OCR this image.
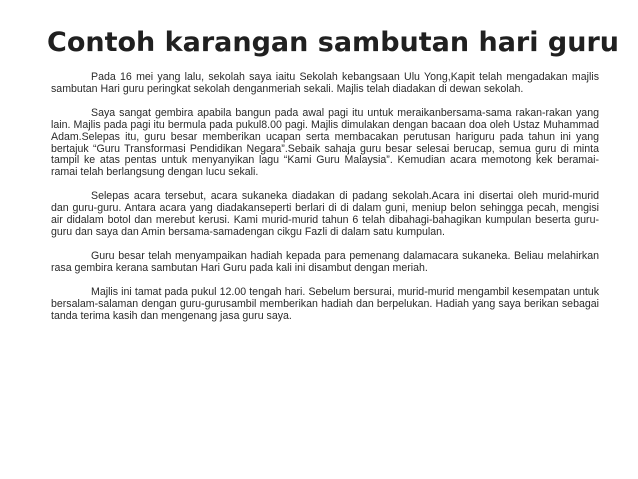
Contoh karangan sambutan hari guru

Pada 16 mei yang lalu, sekolah saya iaitu Sekolah kebangsaan Ulu Yong,Kapit telah mengadakan majlis sambutan Hari guru peringkat sekolah denganmeriah sekali. Majlis telah diadakan di dewan sekolah.

Saya sangat gembira apabila bangun pada awal pagi itu untuk meraikanbersama-sama rakan-rakan yang lain. Majlis pada pagi itu bermula pada pukul8.00 pagi. Majlis dimulakan dengan bacaan doa oleh Ustaz Muhammad Adam.Selepas itu, guru besar memberikan ucapan serta membacakan perutusan hariguru pada tahun ini yang bertajuk “Guru Transformasi Pendidikan Negara”.Sebaik sahaja guru besar selesai berucap, semua guru di minta tampil ke atas pentas untuk menyanyikan lagu “Kami Guru Malaysia”. Kemudian acara memotong kek beramai-ramai telah berlangsung dengan lucu sekali.

Selepas acara tersebut, acara sukaneka diadakan di padang sekolah.Acara ini disertai oleh murid-murid dan guru-guru. Antara acara yang diadakanseperti berlari di di dalam guni, meniup belon sehingga pecah, mengisi air didalam botol dan merebut kerusi. Kami murid-murid tahun 6 telah dibahagi-bahagikan kumpulan beserta guru-guru dan saya dan Amin bersama-samadengan cikgu Fazli di dalam satu kumpulan.

Guru besar telah menyampaikan hadiah kepada para pemenang dalamacara sukaneka. Beliau melahirkan rasa gembira kerana sambutan Hari Guru pada kali ini disambut dengan meriah.

Majlis ini tamat pada pukul 12.00 tengah hari. Sebelum bersurai, murid-murid mengambil kesempatan untuk bersalam-salaman dengan guru-gurusambil memberikan hadiah dan berpelukan. Hadiah yang saya berikan sebagai tanda terima kasih dan mengenang jasa guru saya.
